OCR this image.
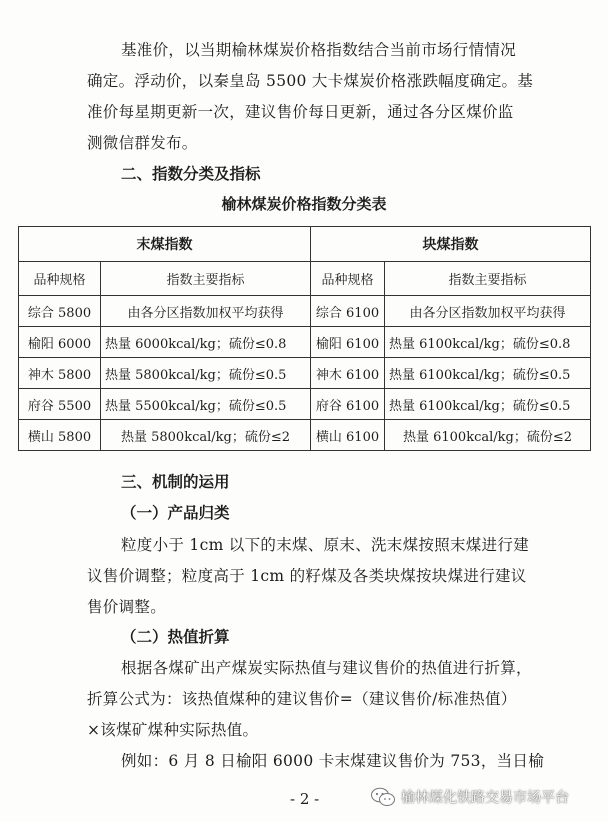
基准价，以当期榆林煤炭价格指数结合当前市场行情情况
确定。浮动价，以秦皇岛 5500 大卡煤炭价格涨跌幅度确定。基
准价每星期更新一次，建议售价每日更新，通过各分区煤价监
测微信群发布。
二、指数分类及指标
榆林煤炭价格指数分类表
末煤指数		块煤指数	
品种规格	指数主要指标	品种规格	指数主要指标
综合 5800	由各分区指数加权平均获得	综合 6100	由各分区指数加权平均获得
榆阳 6000	热量 6000kcal/kg；硫份≤0.8	榆阳 6100	热量 6100kcal/kg；硫份≤0.8
神木 5800	热量 5800kcal/kg；硫份≤0.5	神木 6100	热量 6100kcal/kg；硫份≤0.5
府谷 5500	热量 5500kcal/kg；硫份≤0.5	府谷 6100	热量 6100kcal/kg；硫份≤0.5
横山 5800	热量 5800kcal/kg；硫份≤2	横山 6100	热量 6100kcal/kg；硫份≤2
三、机制的运用
（一）产品归类
粒度小于 1cm 以下的末煤、原末、洗末煤按照末煤进行建
议售价调整；粒度高于 1cm 的籽煤及各类块煤按块煤进行建议
售价调整。
（二）热值折算
根据各煤矿出产煤炭实际热值与建议售价的热值进行折算，
折算公式为：该热值煤种的建议售价=（建议售价/标准热值）
×该煤矿煤种实际热值。
例如：6 月 8 日榆阳 6000 卡末煤建议售价为 753，当日榆
- 2 -	榆林煤化铁路交易市场平台
